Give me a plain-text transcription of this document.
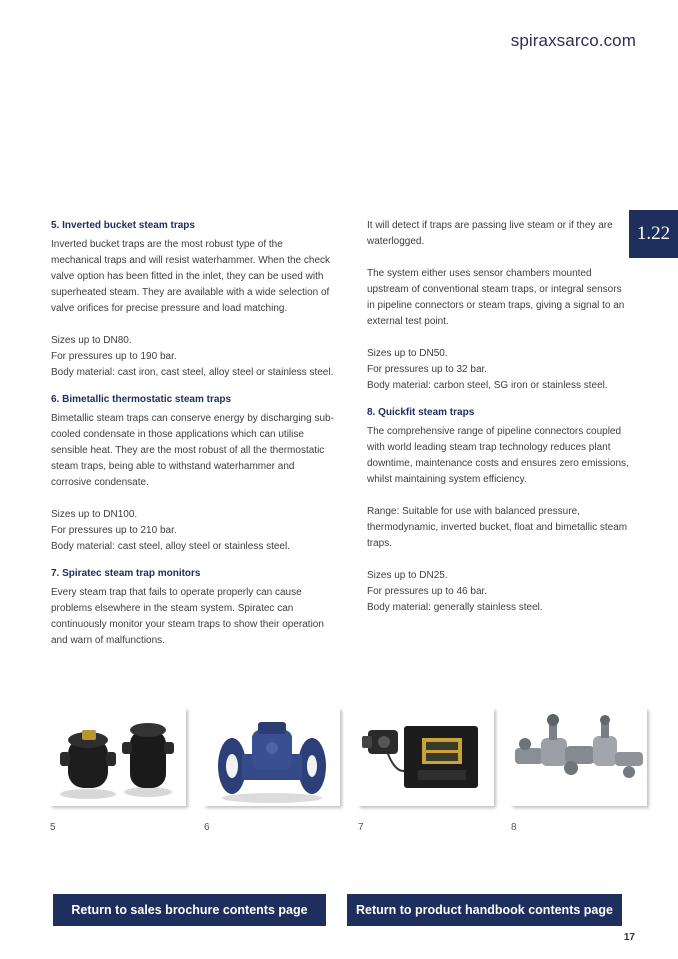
spiraxsarco.com
1.22
5. Inverted bucket steam traps

Inverted bucket traps are the most robust type of the mechanical traps and will resist waterhammer. When the check valve option has been fitted in the inlet, they can be used with superheated steam. They are available with a wide selection of valve orifices for precise pressure and load matching.

Sizes up to DN80.

For pressures up to 190 bar.

Body material: cast iron, cast steel, alloy steel or stainless steel.

6. Bimetallic thermostatic steam traps

Bimetallic steam traps can conserve energy by discharging sub-cooled condensate in those applications which can utilise sensible heat. They are the most robust of all the thermostatic steam traps, being able to withstand waterhammer and corrosive condensate.

Sizes up to DN100.

For pressures up to 210 bar.

Body material: cast steel, alloy steel or stainless steel.

7. Spiratec steam trap monitors

Every steam trap that fails to operate properly can cause problems elsewhere in the steam system. Spiratec can continuously monitor your steam traps to show their operation and warn of malfunctions.

It will detect if traps are passing live steam or if they are waterlogged.

The system either uses sensor chambers mounted upstream of conventional steam traps, or integral sensors in pipeline connectors or steam traps, giving a signal to an external test point.

Sizes up to DN50.

For pressures up to 32 bar.

Body material: carbon steel, SG iron or stainless steel.

8. Quickfit steam traps

The comprehensive range of pipeline connectors coupled with world leading steam trap technology reduces plant downtime, maintenance costs and ensures zero emissions, whilst maintaining system efficiency.

Range: Suitable for use with balanced pressure, thermodynamic, inverted bucket, float and bimetallic steam traps.

Sizes up to DN25.

For pressures up to 46 bar.

Body material: generally stainless steel.

5	6	7	8
Return to sales brochure contents page	Return to product handbook contents page
17
